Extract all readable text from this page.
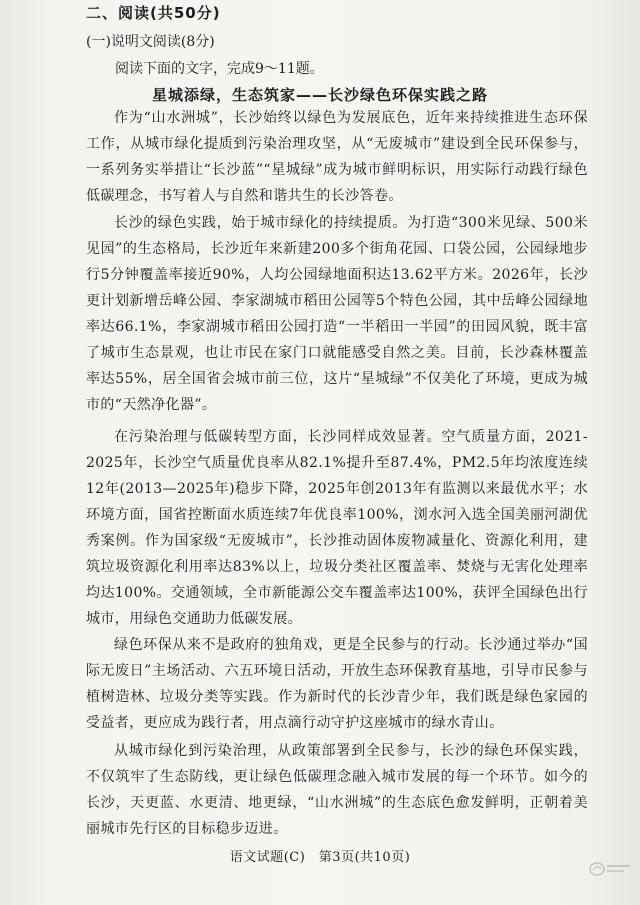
二、阅读(共50分)
(一)说明文阅读(8分)
阅读下面的文字，完成9～11题。
星城添绿，生态筑家——长沙绿色环保实践之路

作为“山水洲城”，长沙始终以绿色为发展底色，近年来持续推进生态环保工作，从城市绿化提质到污染治理攻坚，从“无废城市”建设到全民环保参与，一系列务实举措让“长沙蓝”“星城绿”成为城市鲜明标识，用实际行动践行绿色低碳理念，书写着人与自然和谐共生的长沙答卷。

长沙的绿色实践，始于城市绿化的持续提质。为打造“300米见绿、500米见园”的生态格局，长沙近年来新建200多个街角花园、口袋公园，公园绿地步行5分钟覆盖率接近90%，人均公园绿地面积达13.62平方米。2026年，长沙更计划新增岳峰公园、李家湖城市稻田公园等5个特色公园，其中岳峰公园绿地率达66.1%，李家湖城市稻田公园打造“一半稻田一半园”的田园风貌，既丰富了城市生态景观，也让市民在家门口就能感受自然之美。目前，长沙森林覆盖率达55%，居全国省会城市前三位，这片“星城绿”不仅美化了环境，更成为城市的“天然净化器”。

在污染治理与低碳转型方面，长沙同样成效显著。空气质量方面，2021-2025年，长沙空气质量优良率从82.1%提升至87.4%，PM2.5年均浓度连续12年(2013—2025年)稳步下降，2025年创2013年有监测以来最优水平；水环境方面，国省控断面水质连续7年优良率100%，浏水河入选全国美丽河湖优秀案例。作为国家级“无废城市”，长沙推动固体废物减量化、资源化利用，建筑垃圾资源化利用率达83%以上，垃圾分类社区覆盖率、焚烧与无害化处理率均达100%。交通领域，全市新能源公交车覆盖率达100%，获评全国绿色出行城市，用绿色交通助力低碳发展。

绿色环保从来不是政府的独角戏，更是全民参与的行动。长沙通过举办“国际无废日”主场活动、六五环境日活动，开放生态环保教育基地，引导市民参与植树造林、垃圾分类等实践。作为新时代的长沙青少年，我们既是绿色家园的受益者，更应成为践行者，用点滴行动守护这座城市的绿水青山。

从城市绿化到污染治理，从政策部署到全民参与，长沙的绿色环保实践，不仅筑牢了生态防线，更让绿色低碳理念融入城市发展的每一个环节。如今的长沙，天更蓝、水更清、地更绿，“山水洲城”的生态底色愈发鲜明，正朝着美丽城市先行区的目标稳步迈进。

语文试题(C)　第3页(共10页)
